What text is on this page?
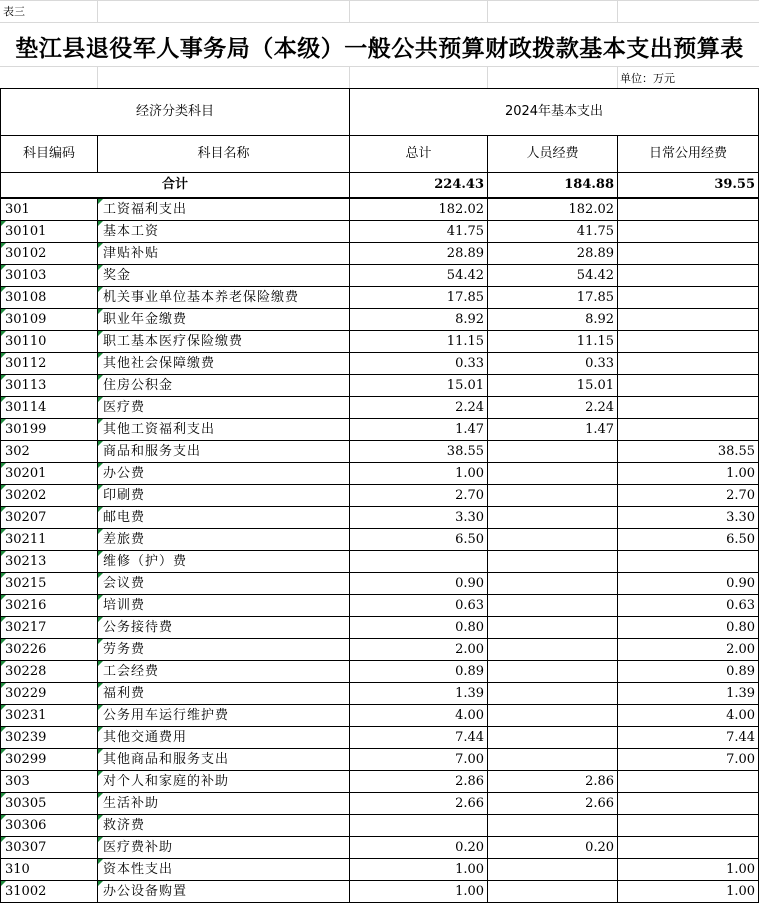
表三
垫江县退役军人事务局（本级）一般公共预算财政拨款基本支出预算表
单位：万元
经济分类科目		2024年基本支出		
科目编码	科目名称	总计	人员经费	日常公用经费
合计		224.43	184.88	39.55
301	工资福利支出	182.02	182.02	

30101	基本工资	41.75	41.75	

30102	津贴补贴	28.89	28.89	

30103	奖金	54.42	54.42	

30108	机关事业单位基本养老保险缴费	17.85	17.85	

30109	职业年金缴费	8.92	8.92	

30110	职工基本医疗保险缴费	11.15	11.15	

30112	其他社会保障缴费	0.33	0.33	

30113	住房公积金	15.01	15.01	

30114	医疗费	2.24	2.24	

30199	其他工资福利支出	1.47	1.47	
302	商品和服务支出	38.55		38.55

30201	办公费	1.00		1.00

30202	印刷费	2.70		2.70

30207	邮电费	3.30		3.30

30211	差旅费	6.50		6.50

30213	维修（护）费			

30215	会议费	0.90		0.90

30216	培训费	0.63		0.63

30217	公务接待费	0.80		0.80

30226	劳务费	2.00		2.00

30228	工会经费	0.89		0.89

30229	福利费	1.39		1.39

30231	公务用车运行维护费	4.00		4.00

30239	其他交通费用	7.44		7.44

30299	其他商品和服务支出	7.00		7.00
303	对个人和家庭的补助	2.86	2.86	

30305	生活补助	2.66	2.66	

30306	救济费			

30307	医疗费补助	0.20	0.20	
310	资本性支出	1.00		1.00

31002	办公设备购置	1.00		1.00
